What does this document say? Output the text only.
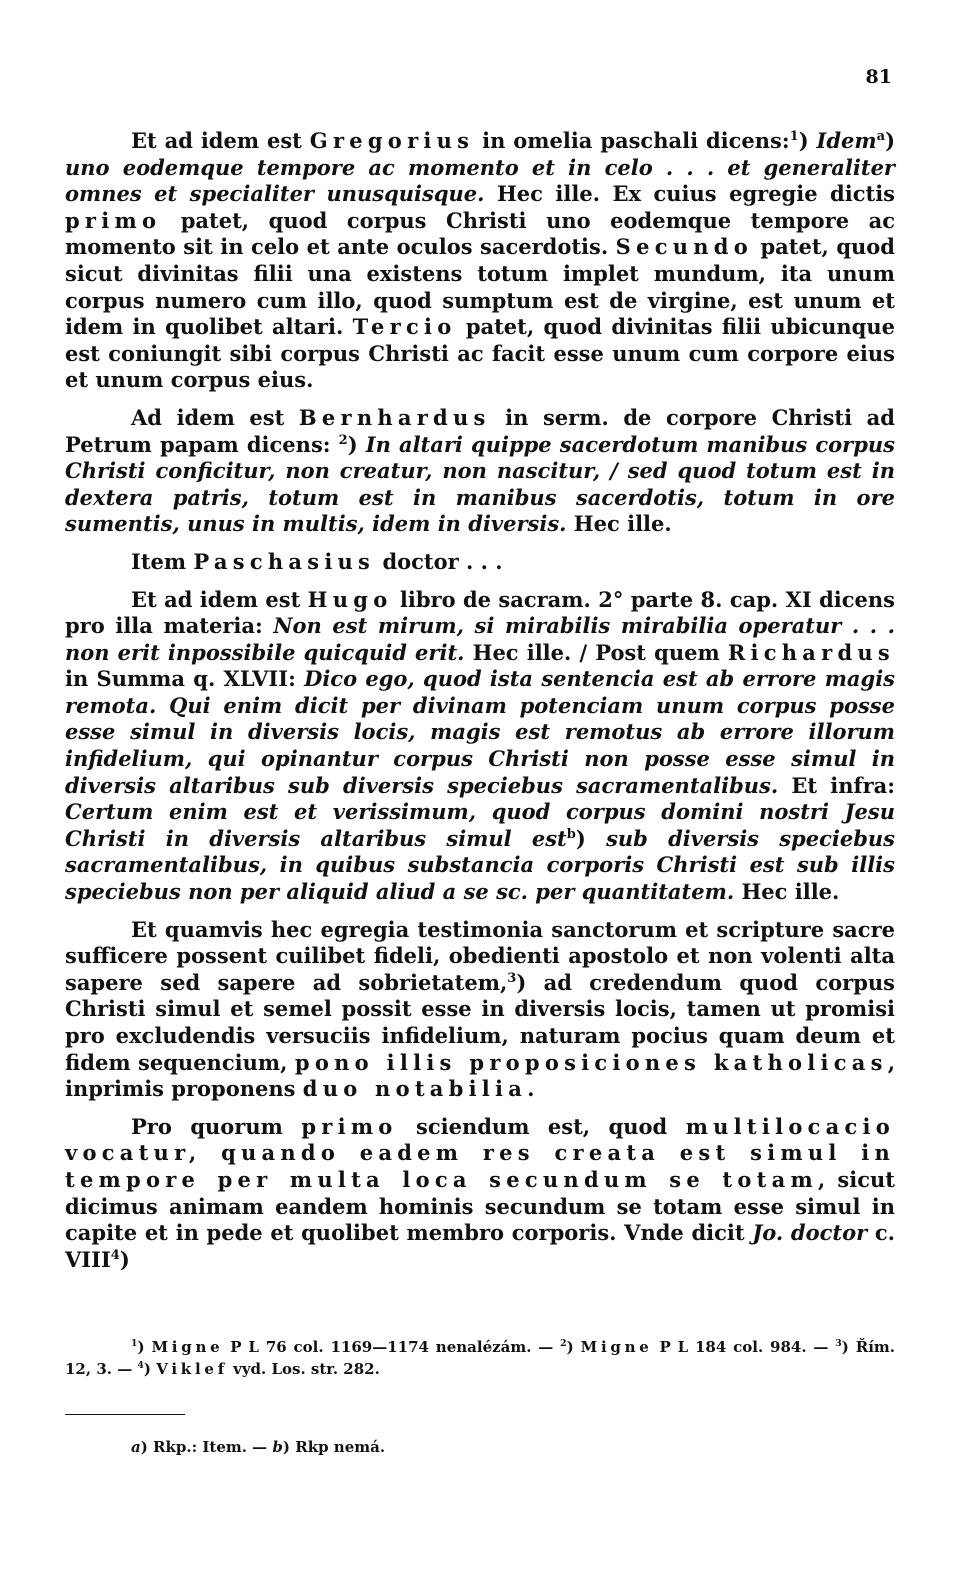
81

Et ad idem est Gregorius in omelia paschali dicens:$^1$) Idem$^a$) uno eodemque tempore ac momento et in celo . . . et generaliter omnes et specialiter unusquisque. Hec ille. Ex cuius egregie dictis primo patet, quod corpus Christi uno eodemque tempore ac momento sit in celo et ante oculos sacerdotis. Secundo patet, quod sicut divinitas filii una existens totum implet mundum, ita unum corpus numero cum illo, quod sumptum est de virgine, est unum et idem in quolibet altari. Tercio patet, quod divinitas filii ubicunque est coniungit sibi corpus Christi ac facit esse unum cum corpore eius et unum corpus eius.

Ad idem est Bernhardus in serm. de corpore Christi ad Petrum papam dicens: $^2$) In altari quippe sacerdotum manibus corpus Christi conficitur, non creatur, non nascitur, / sed quod totum est in dextera patris, totum est in manibus sacerdotis, totum in ore sumentis, unus in multis, idem in diversis. Hec ille.

Item Paschasius doctor . . .

Et ad idem est Hugo libro de sacram. 2° parte 8. cap. XI dicens pro illa materia: Non est mirum, si mirabilis mirabilia operatur . . . non erit inpossibile quicquid erit. Hec ille. / Post quem Richardus in Summa q. XLVII: Dico ego, quod ista sentencia est ab errore magis remota. Qui enim dicit per divinam potenciam unum corpus posse esse simul in diversis locis, magis est remotus ab errore illorum infidelium, qui opinantur corpus Christi non posse esse simul in diversis altaribus sub diversis speciebus sacramentalibus. Et infra: Certum enim est et verissimum, quod corpus domini nostri Jesu Christi in diversis altaribus simul est$^b$) sub diversis speciebus sacramentalibus, in quibus substancia corporis Christi est sub illis speciebus non per aliquid aliud a se sc. per quantitatem. Hec ille.

Et quamvis hec egregia testimonia sanctorum et scripture sacre sufficere possent cuilibet fideli, obedienti apostolo et non volenti alta sapere sed sapere ad sobrietatem,$^3$) ad credendum quod corpus Christi simul et semel possit esse in diversis locis, tamen ut promisi pro excludendis versuciis infidelium, naturam pocius quam deum et fidem sequencium, pono illis proposiciones katholicas, inprimis proponens duo notabilia.

Pro quorum primo sciendum est, quod multilocacio vocatur, quando eadem res creata est simul in tempore per multa loca secundum se totam, sicut dicimus animam eandem hominis secundum se totam esse simul in capite et in pede et quolibet membro corporis. Vnde dicit Jo. doctor c. VIII$^4$)

$^1$) Migne P L 76 col. 1169—1174 nenalézám. — $^2$) Migne P L 184 col. 984. — $^3$) Řím. 12, 3. — $^4$) Viklef vyd. Los. str. 282.

a) Rkp.: Item. — b) Rkp nemá.
